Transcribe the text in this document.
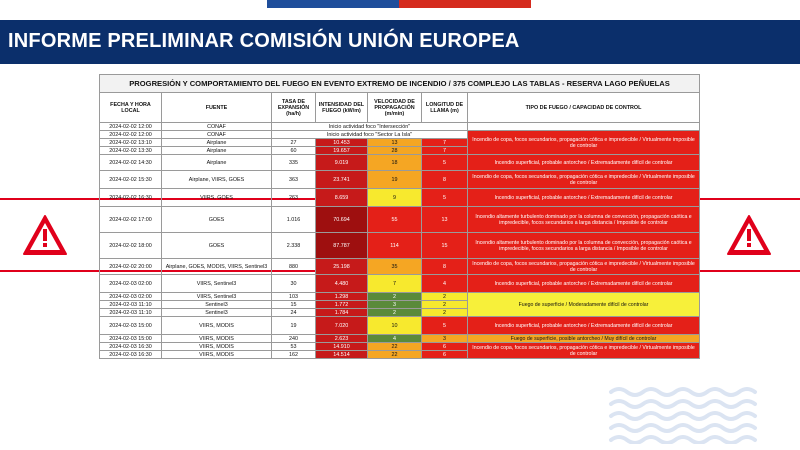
INFORME PRELIMINAR COMISIÓN UNIÓN EUROPEA
PROGRESIÓN Y COMPORTAMIENTO DEL FUEGO EN EVENTO EXTREMO DE INCENDIO / 375 COMPLEJO LAS TABLAS - RESERVA LAGO PEÑUELAS						
FECHA Y HORA LOCAL	FUENTE	TASA DE EXPANSIÓN (ha/h)	INTENSIDAD DEL FUEGO (kW/m)	VELOCIDAD DE PROPAGACIÓN (m/min)	LONGITUD DE LLAMA (m)	TIPO DE FUEGO / CAPACIDAD DE CONTROL
2024-02-02 12:00	CONAF	Inicio actividad foco "Intersección"				
2024-02-02 12:00	CONAF	Inicio actividad foco "Sector La Isla"				Incendio de copa, focos secundarios, propagación cótica e impredecible / Virtualmente imposible de controlar
2024-02-02 13:10	Airplane	27	10.453	13	7	
2024-02-02 13:30	Airplane	60	19.657	28	7	
2024-02-02 14:30	Airplane	335	9.019	18	5	Incendio superficial, probable antorcheo / Extremadamente difícil de controlar
2024-02-02 15:30	Airplane, VIIRS, GOES	363	23.741	19	8	Incendio de copa, focos secundarios, propagación cótica e impredecible / Virtualmente imposible de controlar
2024-02-02 16:30	VIIRS, GOES	263	8.659	9	5	Incendio superficial, probable antorcheo / Extremadamente difícil de controlar
2024-02-02 17:00	GOES	1.016	70.694	55	13	Incendio altamente turbulento dominado por la columna de convección, propagación caótica e impredecible, focos secundarios a larga distancia / Imposible de controlar
2024-02-02 18:00	GOES	2.338	87.787	114	15	Incendio altamente turbulento dominado por la columna de convección, propagación caótica e impredecible, focos secundarios a larga distancia / Imposible de controlar
2024-02-02 20:00	Airplane, GOES, MODIS, VIIRS, Sentinel3	880	25.198	35	8	Incendio de copa, focos secundarios, propagación cótica e impredecible / Virtualmente imposible de controlar
2024-02-03 02:00	VIIRS, Sentinel3	30	4.480	7	4	Incendio superficial, probable antorcheo / Extremadamente difícil de controlar
2024-02-03 02:00	VIIRS, Sentinel3	103	1.298	2	2	Fuego de superficie / Moderadamente difícil de controlar
2024-02-03 11:10	Sentinel3	15	1.772	3	2	
2024-02-03 11:10	Sentinel3	24	1.784	2	2	
2024-02-03 15:00	VIIRS, MODIS	19	7.020	10	5	Incendio superficial, probable antorcheo / Extremadamente difícil de controlar
2024-02-03 15:00	VIIRS, MODIS	240	2.623	4	3	Fuego de superficie, posible antorcheo / Muy difícil de controlar
2024-02-03 16:30	VIIRS, MODIS	53	14.910	22	6	Incendio de copa, focos secundarios, propagación cótica e impredecible / Virtualmente imposible de controlar
2024-02-03 16:30	VIIRS, MODIS	162	14.514	22	6	
